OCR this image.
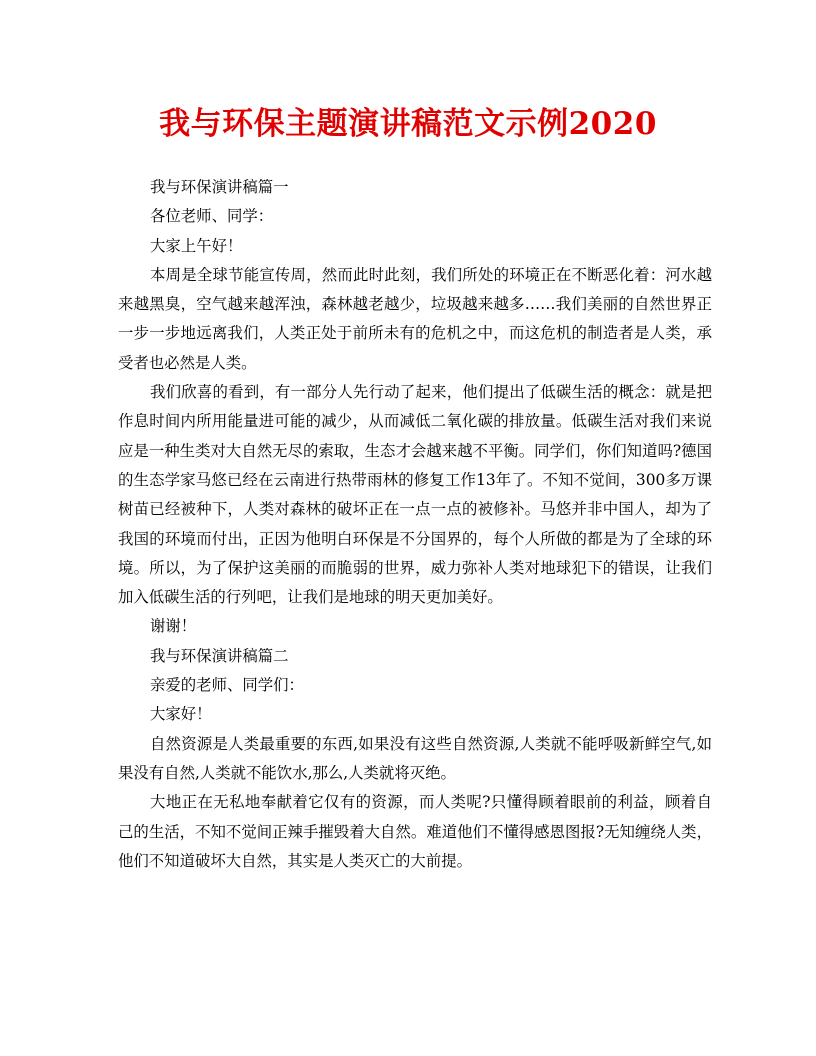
我与环保主题演讲稿范文示例2020

我与环保演讲稿篇一

各位老师、同学：

大家上午好！

本周是全球节能宣传周，然而此时此刻，我们所处的环境正在不断恶化着：河水越来越黑臭，空气越来越浑浊，森林越老越少，垃圾越来越多……我们美丽的自然世界正一步一步地远离我们，人类正处于前所未有的危机之中，而这危机的制造者是人类，承受者也必然是人类。

我们欣喜的看到，有一部分人先行动了起来，他们提出了低碳生活的概念：就是把作息时间内所用能量进可能的减少，从而减低二氧化碳的排放量。低碳生活对我们来说应是一种生类对大自然无尽的索取，生态才会越来越不平衡。同学们，你们知道吗?德国的生态学家马悠已经在云南进行热带雨林的修复工作13年了。不知不觉间，300多万课树苗已经被种下，人类对森林的破坏正在一点一点的被修补。马悠并非中国人，却为了我国的环境而付出，正因为他明白环保是不分国界的，每个人所做的都是为了全球的环境。所以，为了保护这美丽的而脆弱的世界，威力弥补人类对地球犯下的错误，让我们加入低碳生活的行列吧，让我们是地球的明天更加美好。

谢谢！

我与环保演讲稿篇二

亲爱的老师、同学们：

大家好！

自然资源是人类最重要的东西,如果没有这些自然资源,人类就不能呼吸新鲜空气,如果没有自然,人类就不能饮水,那么,人类就将灭绝。

大地正在无私地奉献着它仅有的资源，而人类呢?只懂得顾着眼前的利益，顾着自己的生活，不知不觉间正辣手摧毁着大自然。难道他们不懂得感恩图报?无知缠绕人类，他们不知道破坏大自然，其实是人类灭亡的大前提。
